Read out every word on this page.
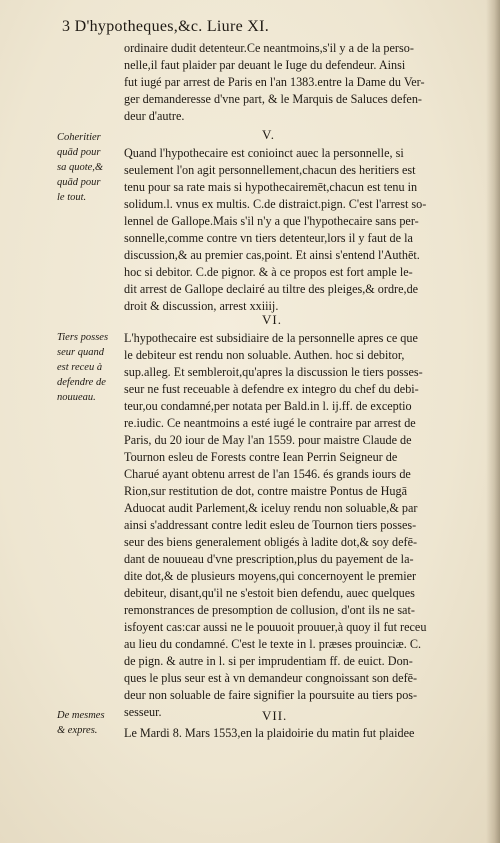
3 D'hypotheques,&c. Liure XI.
ordinaire dudit detenteur.Ce neantmoins,s'il y a de la perso-
nelle,il faut plaider par deuant le Iuge du defendeur. Ainsi
fut iugé par arrest de Paris en l'an 1383.entre la Dame du Ver-
ger demanderesse d'vne part, & le Marquis de Saluces defen-
deur d'autre.
V.
Coheritier
quād pour
sa quote,&
quād pour
le tout.
Quand l'hypothecaire est conioinct auec la personnelle, si
seulement l'on agit personnellement,chacun des heritiers est
tenu pour sa rate mais si hypothecairemēt,chacun est tenu in
solidum.l. vnus ex multis. C.de distraict.pign. C'est l'arrest so-
lennel de Gallope.Mais s'il n'y a que l'hypothecaire sans per-
sonnelle,comme contre vn tiers detenteur,lors il y faut de la
discussion,& au premier cas,point. Et ainsi s'entend l'Authēt.
hoc si debitor. C.de pignor. & à ce propos est fort ample le-
dit arrest de Gallope declairé au tiltre des pleiges,& ordre,de
droit & discussion, arrest xxiiij.
VI.
Tiers posses
seur quand
est receu à
defendre de
nouueau.
L'hypothecaire est subsidiaire de la personnelle apres ce que
le debiteur est rendu non soluable. Authen. hoc si debitor,
sup.alleg. Et sembleroit,qu'apres la discussion le tiers posses-
seur ne fust receuable à defendre ex integro du chef du debi-
teur,ou condamné,per notata per Bald.in l. ij.ff. de exceptio
re.iudic. Ce neantmoins a esté iugé le contraire par arrest de
Paris, du 20 iour de May l'an 1559. pour maistre Claude de
Tournon esleu de Forests contre Iean Perrin Seigneur de
Charué ayant obtenu arrest de l'an 1546. és grands iours de
Rion,sur restitution de dot, contre maistre Pontus de Hugā
Aduocat audit Parlement,& iceluy rendu non soluable,& par
ainsi s'addressant contre ledit esleu de Tournon tiers posses-
seur des biens generalement obligés à ladite dot,& soy defē-
dant de nouueau d'vne prescription,plus du payement de la-
dite dot,& de plusieurs moyens,qui concernoyent le premier
debiteur, disant,qu'il ne s'estoit bien defendu, auec quelques
remonstrances de presomption de collusion, d'ont ils ne sat-
isfoyent cas:car aussi ne le pouuoit prouuer,à quoy il fut receu
au lieu du condamné. C'est le texte in l. præses prouinciæ. C.
de pign. & autre in l. si per imprudentiam ff. de euict. Don-
ques le plus seur est à vn demandeur congnoissant son defē-
deur non soluable de faire signifier la poursuite au tiers pos-
sesseur.	VII.
De mesmes
& expres.	Le Mardi 8. Mars 1553,en la plaidoirie du matin fut plaidee
